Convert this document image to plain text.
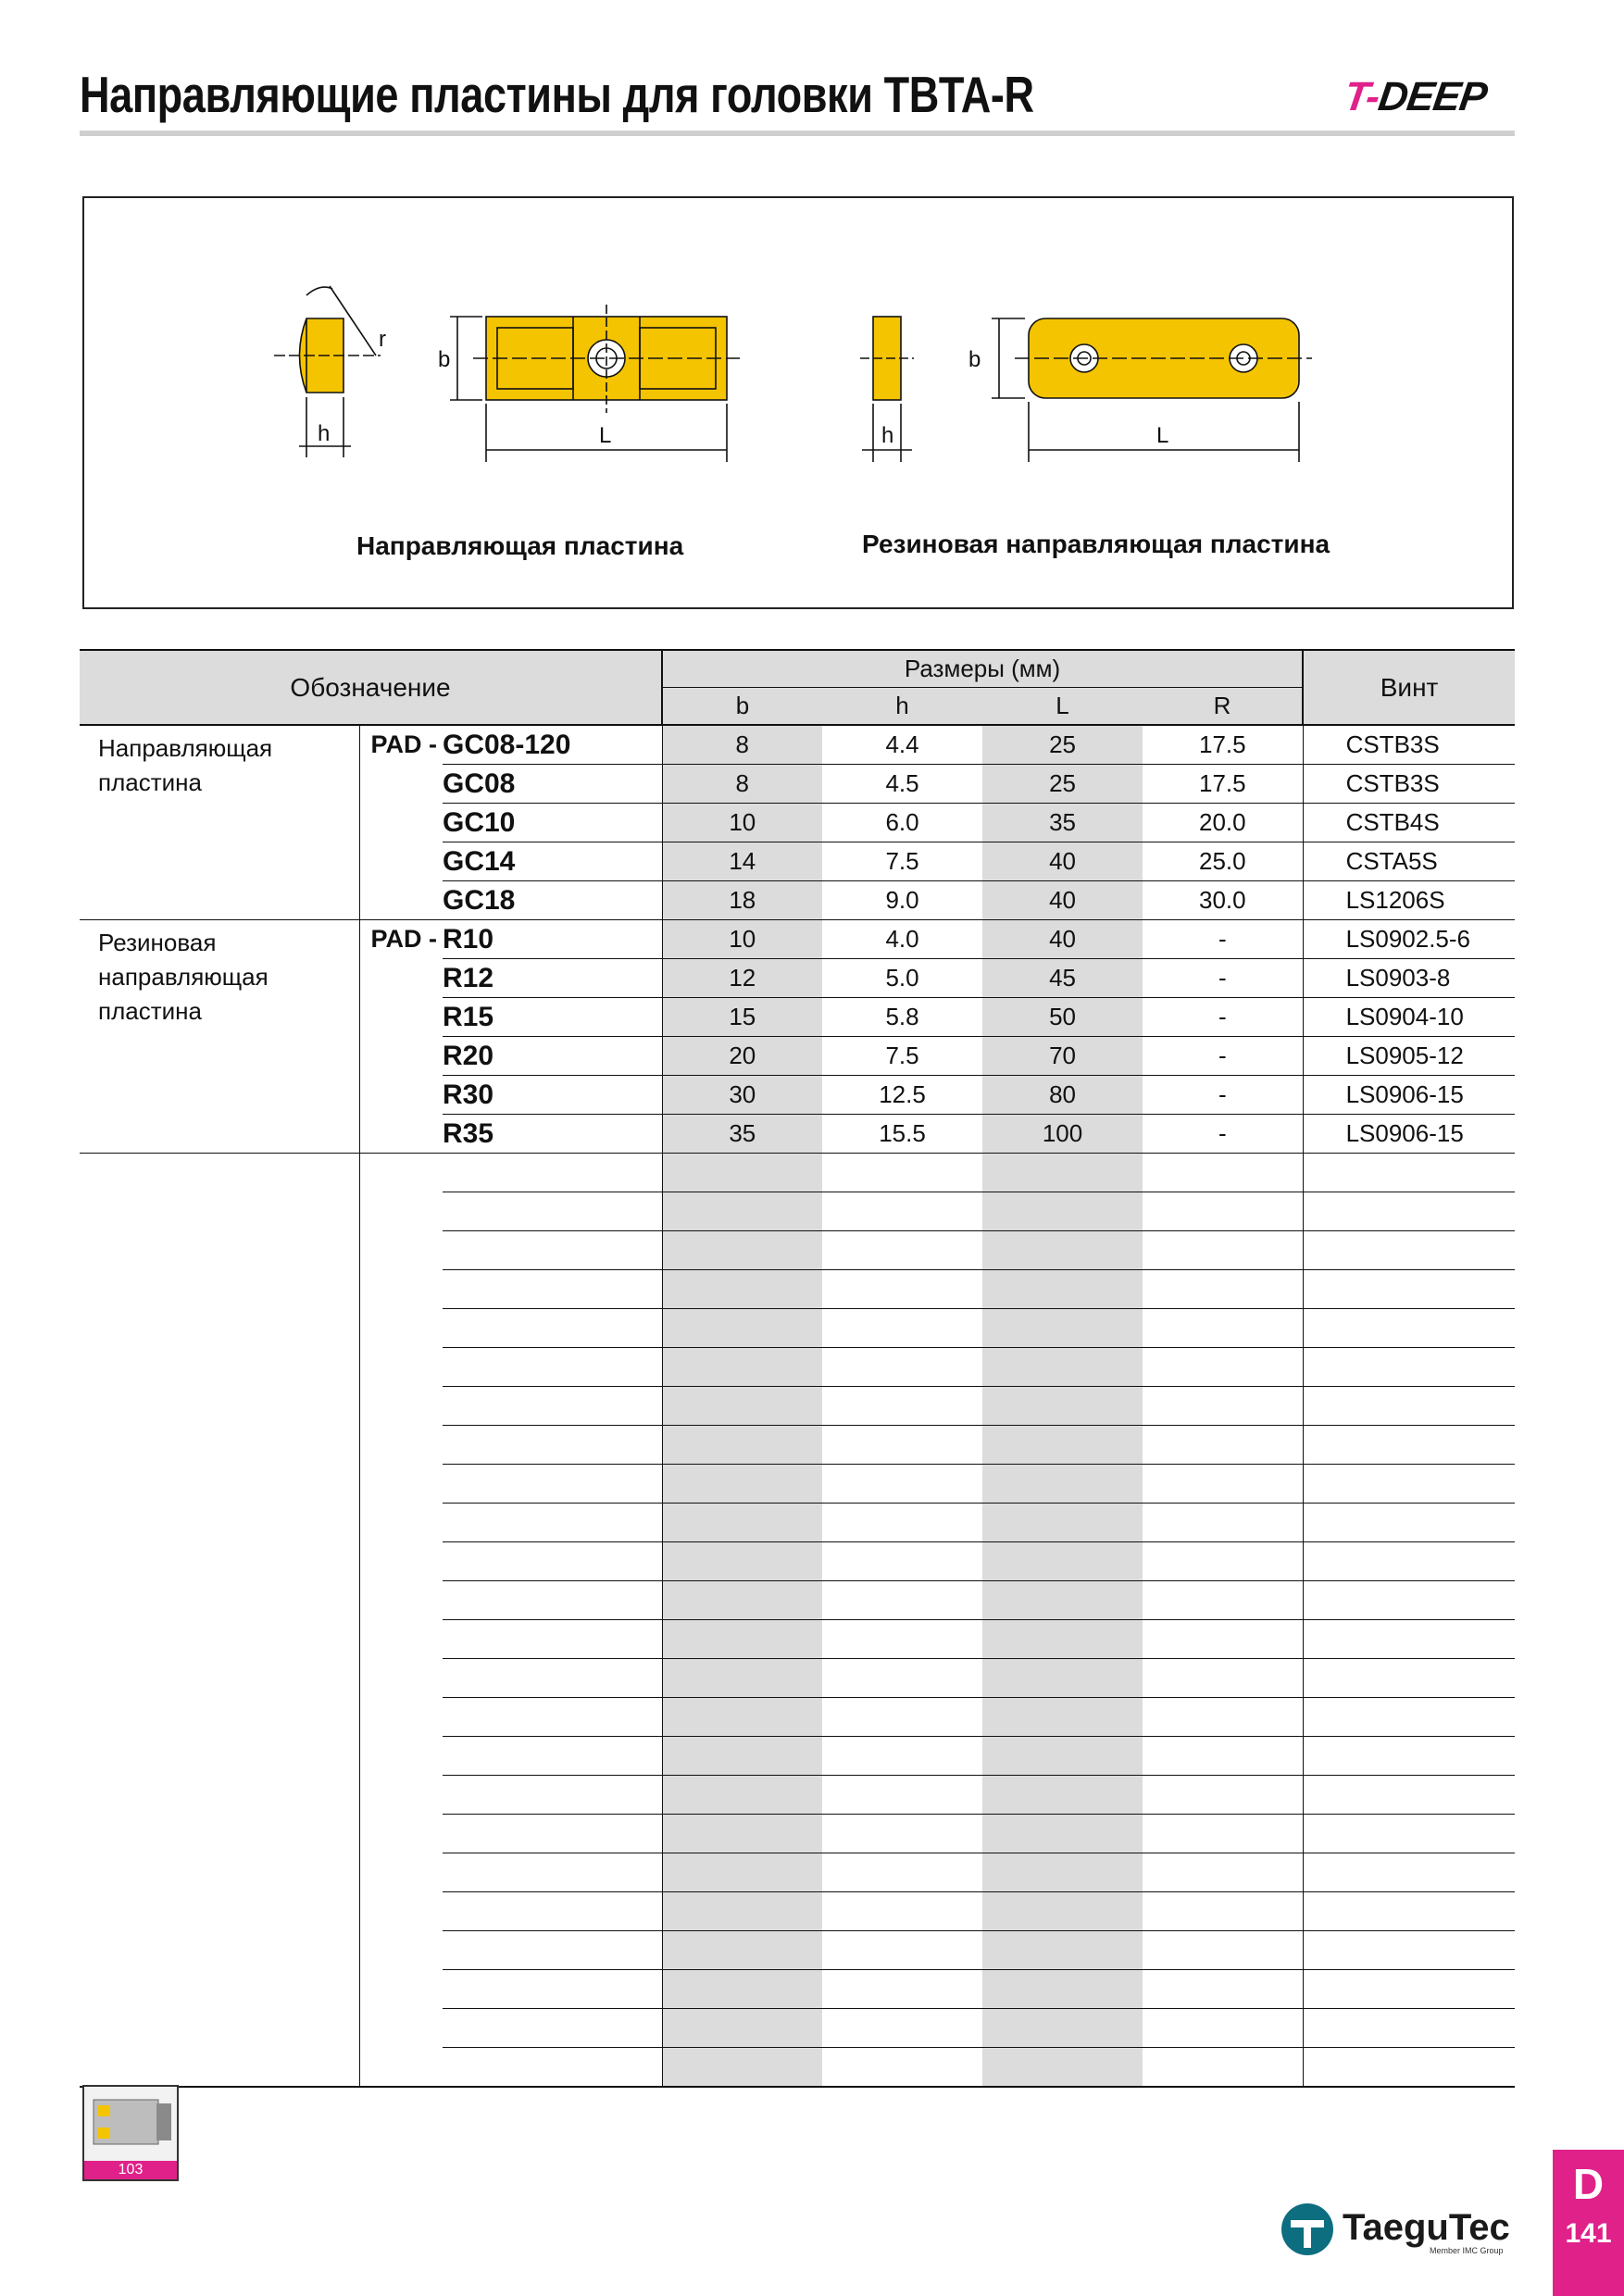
Направляющие пластины для головки TBTA-R	T-DEEP
h
b
L
r
h
b
L
Направляющая пластина	Резиновая направляющая пластина
Обозначение			Размеры (мм)				Винт
			b	h	L	R	

Направляющая
пластина	PAD -	GC08-120	8	4.4	25	17.5	CSTB3S
		GC08	8	4.5	25	17.5	CSTB3S
		GC10	10	6.0	35	20.0	CSTB4S
		GC14	14	7.5	40	25.0	CSTA5S
		GC18	18	9.0	40	30.0	LS1206S

Резиновая
направляющая
пластина	PAD -	R10	10	4.0	40	-	LS0902.5-6
		R12	12	5.0	45	-	LS0903-8
		R15	15	5.8	50	-	LS0904-10
		R20	20	7.5	70	-	LS0905-12
		R30	30	12.5	80	-	LS0906-15
		R35	35	15.5	100	-	LS0906-15

103
TaeguTec
Member IMC Group
D
141
